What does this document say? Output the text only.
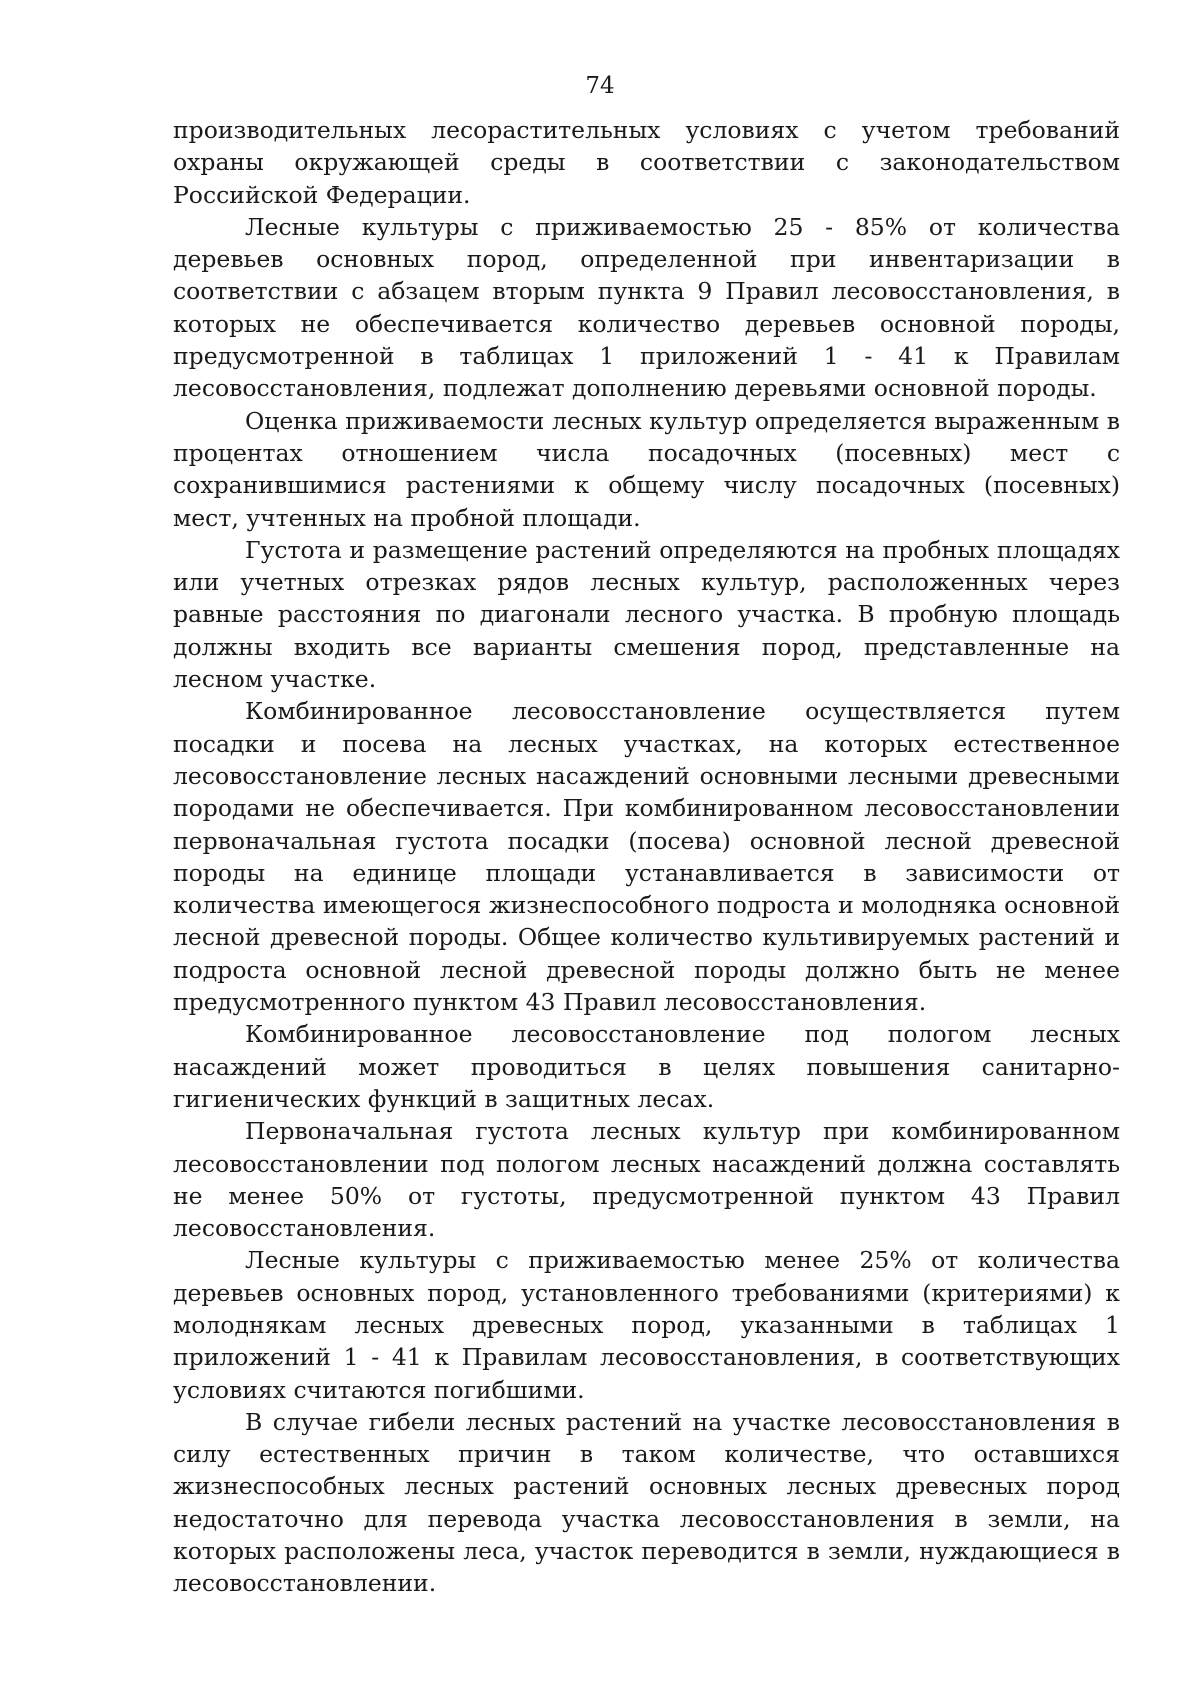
74

производительных лесорастительных условиях с учетом требований охраны окружающей среды в соответствии с законодательством Российской Федерации.

Лесные культуры с приживаемостью 25 - 85% от количества деревьев основных пород, определенной при инвентаризации в соответствии с абзацем вторым пункта 9 Правил лесовосстановления, в которых не обеспечивается количество деревьев основной породы, предусмотренной в таблицах 1 приложений 1 - 41 к Правилам лесовосстановления, подлежат дополнению деревьями основной породы.

Оценка приживаемости лесных культур определяется выраженным в процентах отношением числа посадочных (посевных) мест с сохранившимися растениями к общему числу посадочных (посевных) мест, учтенных на пробной площади.

Густота и размещение растений определяются на пробных площадях или учетных отрезках рядов лесных культур, расположенных через равные расстояния по диагонали лесного участка. В пробную площадь должны входить все варианты смешения пород, представленные на лесном участке.

Комбинированное лесовосстановление осуществляется путем посадки и посева на лесных участках, на которых естественное лесовосстановление лесных насаждений основными лесными древесными породами не обеспечивается. При комбинированном лесовосстановлении первоначальная густота посадки (посева) основной лесной древесной породы на единице площади устанавливается в зависимости от количества имеющегося жизнеспособного подроста и молодняка основной лесной древесной породы. Общее количество культивируемых растений и подроста основной лесной древесной породы должно быть не менее предусмотренного пунктом 43 Правил лесовосстановления.

Комбинированное лесовосстановление под пологом лесных насаждений может проводиться в целях повышения санитарно-гигиенических функций в защитных лесах.

Первоначальная густота лесных культур при комбинированном лесовосстановлении под пологом лесных насаждений должна составлять не менее 50% от густоты, предусмотренной пунктом 43 Правил лесовосстановления.

Лесные культуры с приживаемостью менее 25% от количества деревьев основных пород, установленного требованиями (критериями) к молоднякам лесных древесных пород, указанными в таблицах 1 приложений 1 - 41 к Правилам лесовосстановления, в соответствующих условиях считаются погибшими.

В случае гибели лесных растений на участке лесовосстановления в силу естественных причин в таком количестве, что оставшихся жизнеспособных лесных растений основных лесных древесных пород недостаточно для перевода участка лесовосстановления в земли, на которых расположены леса, участок переводится в земли, нуждающиеся в лесовосстановлении.
